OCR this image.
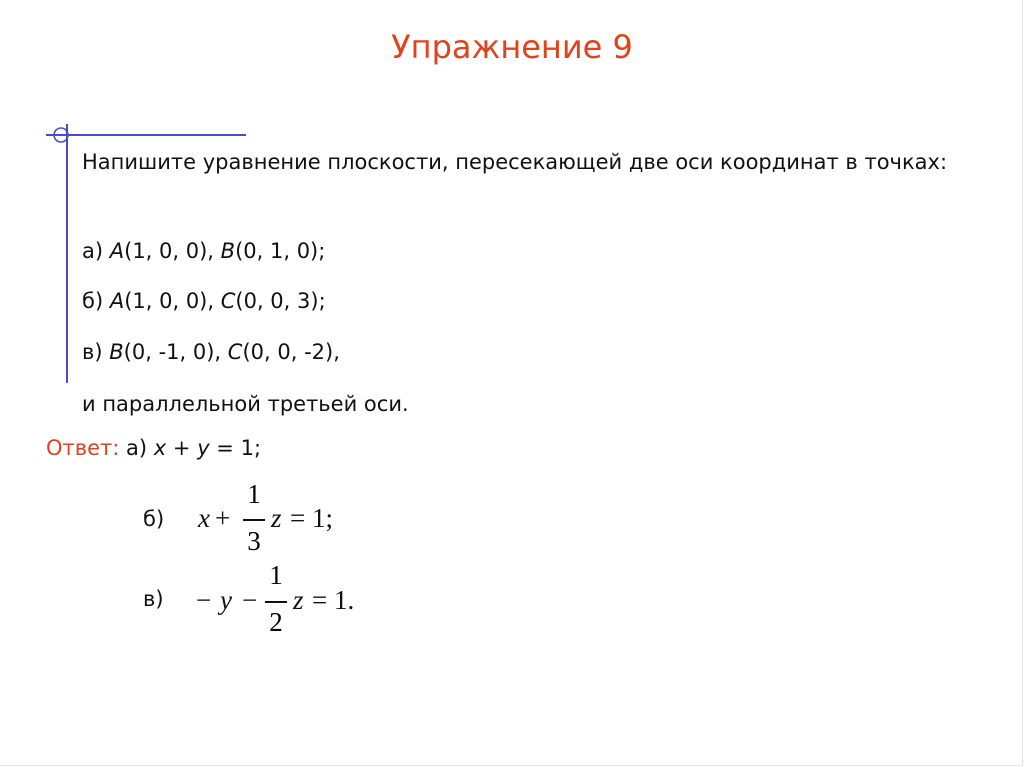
Упражнение 9
Напишите уравнение плоскости, пересекающей две оси координат в точках:
а) A(1, 0, 0), B(0, 1, 0);
б) A(1, 0, 0), C(0, 0, 3);
в) B(0, -1, 0), C(0, 0, -2),
и параллельной третьей оси.
Ответ: а) x + y = 1;
б) x +
1
3
z = 1;
в) − y −
1
2
z = 1.
